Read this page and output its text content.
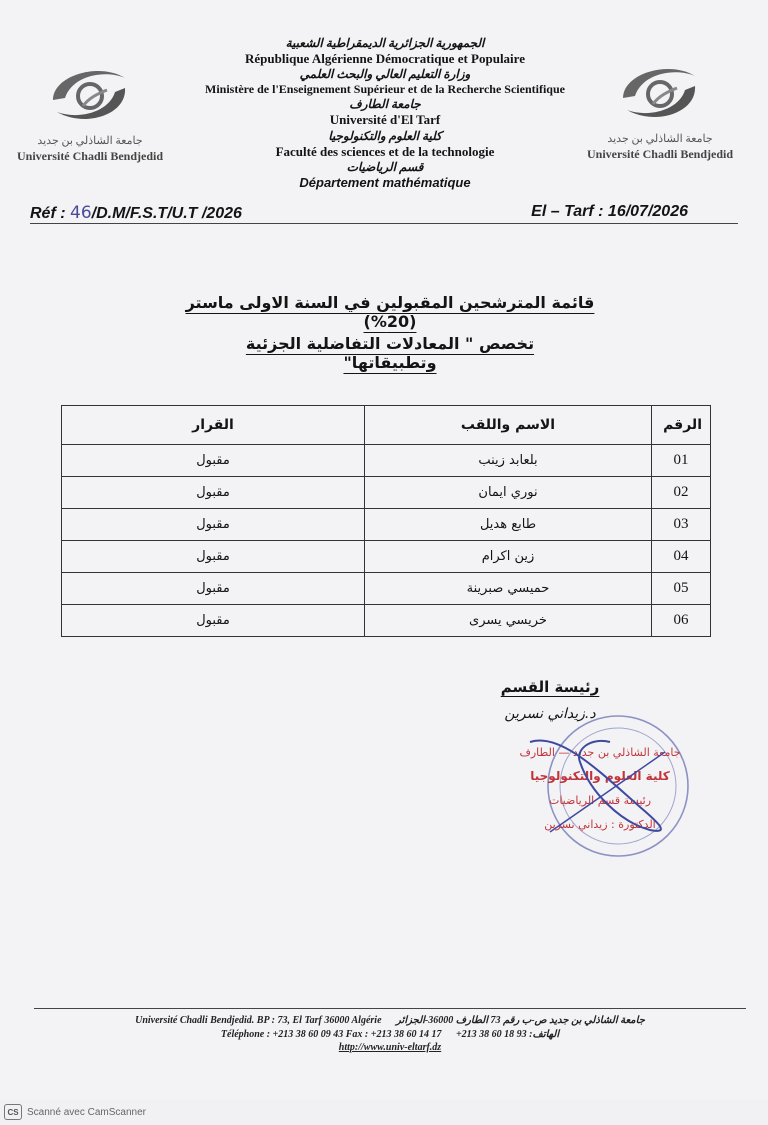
جامعة الشاذلي بن جديد
Université Chadli Bendjedid
جامعة الشاذلي بن جديد
Université Chadli Bendjedid
الجمهورية الجزائرية الديمقراطية الشعبية
République Algérienne Démocratique et Populaire
وزارة التعليم العالي والبحث العلمي
Ministère de l'Enseignement Supérieur et de la Recherche Scientifique
جامعة الطارف
Université d'El Tarf
كلية العلوم والتكنولوجيا
Faculté des sciences et de la technologie
قسم الرياضيات
Département mathématique
Réf : 46/D.M/F.S.T/U.T /2026	El – Tarf : 16/07/2026
قائمة المترشحين المقبولين في السنة الاولى ماستر (20%)
تخصص " المعادلات التفاضلية الجزئية وتطبيقاتها"
الرقم	الاسم واللقب	القرار
01	بلعابد زينب	مقبول
02	نوري ايمان	مقبول
03	طابع هديل	مقبول
04	زين اكرام	مقبول
05	حميسي صبرينة	مقبول
06	خريسي يسرى	مقبول
رئيسة القسم
د.زيداني نسرين
جامعة الشاذلي بن جديد — الطارف
كلية العلوم والتكنولوجيا
رئيسة قسم الرياضيات
الدكتورة : زيداني نسرين
Université Chadli Bendjedid. BP : 73, El Tarf 36000 Algérie جامعة الشاذلي بن جديد ص-ب رقم 73 الطارف 36000-الجزائر
Téléphone : +213 38 60 09 43 Fax : +213 38 60 14 17 الهاتف: 93 18 60 38 213+
http://www.univ-eltarf.dz
CS Scanné avec CamScanner
